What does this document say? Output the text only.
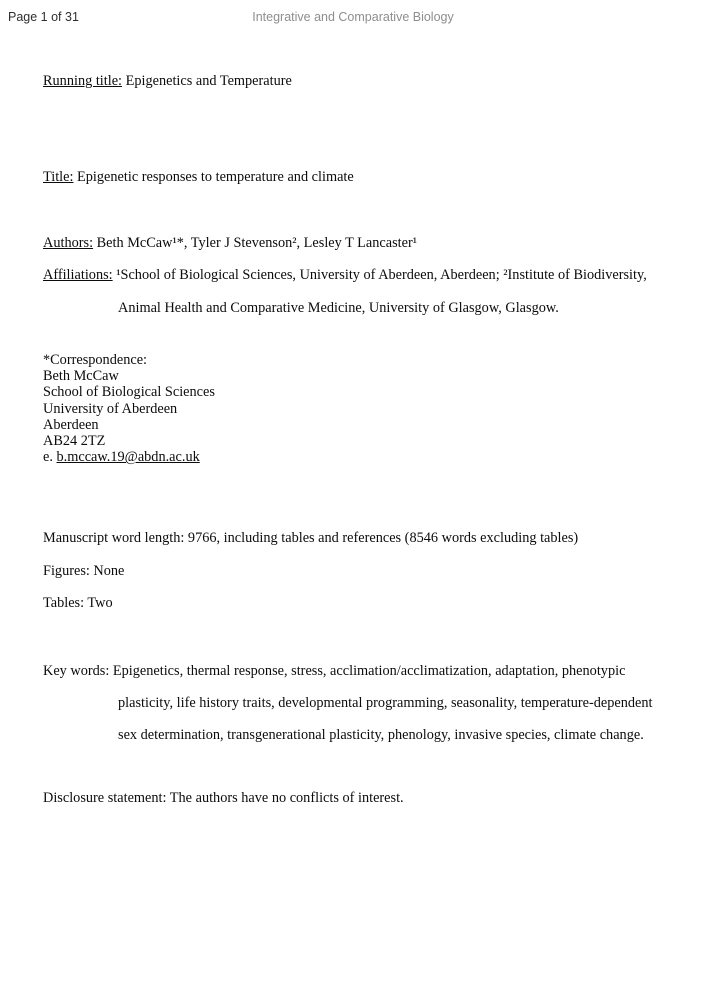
Page 1 of 31	Integrative and Comparative Biology

Running title: Epigenetics and Temperature

Title: Epigenetic responses to temperature and climate

Authors: Beth McCaw¹*, Tyler J Stevenson², Lesley T Lancaster¹

Affiliations: ¹School of Biological Sciences, University of Aberdeen, Aberdeen; ²Institute of Biodiversity,

Animal Health and Comparative Medicine, University of Glasgow, Glasgow.

*Correspondence:
Beth McCaw
School of Biological Sciences
University of Aberdeen
Aberdeen
AB24 2TZ
e. b.mccaw.19@abdn.ac.uk

Manuscript word length: 9766, including tables and references (8546 words excluding tables)

Figures: None

Tables: Two

Key words: Epigenetics, thermal response, stress, acclimation/acclimatization, adaptation, phenotypic

plasticity, life history traits, developmental programming, seasonality, temperature-dependent

sex determination, transgenerational plasticity, phenology, invasive species, climate change.

Disclosure statement: The authors have no conflicts of interest.
